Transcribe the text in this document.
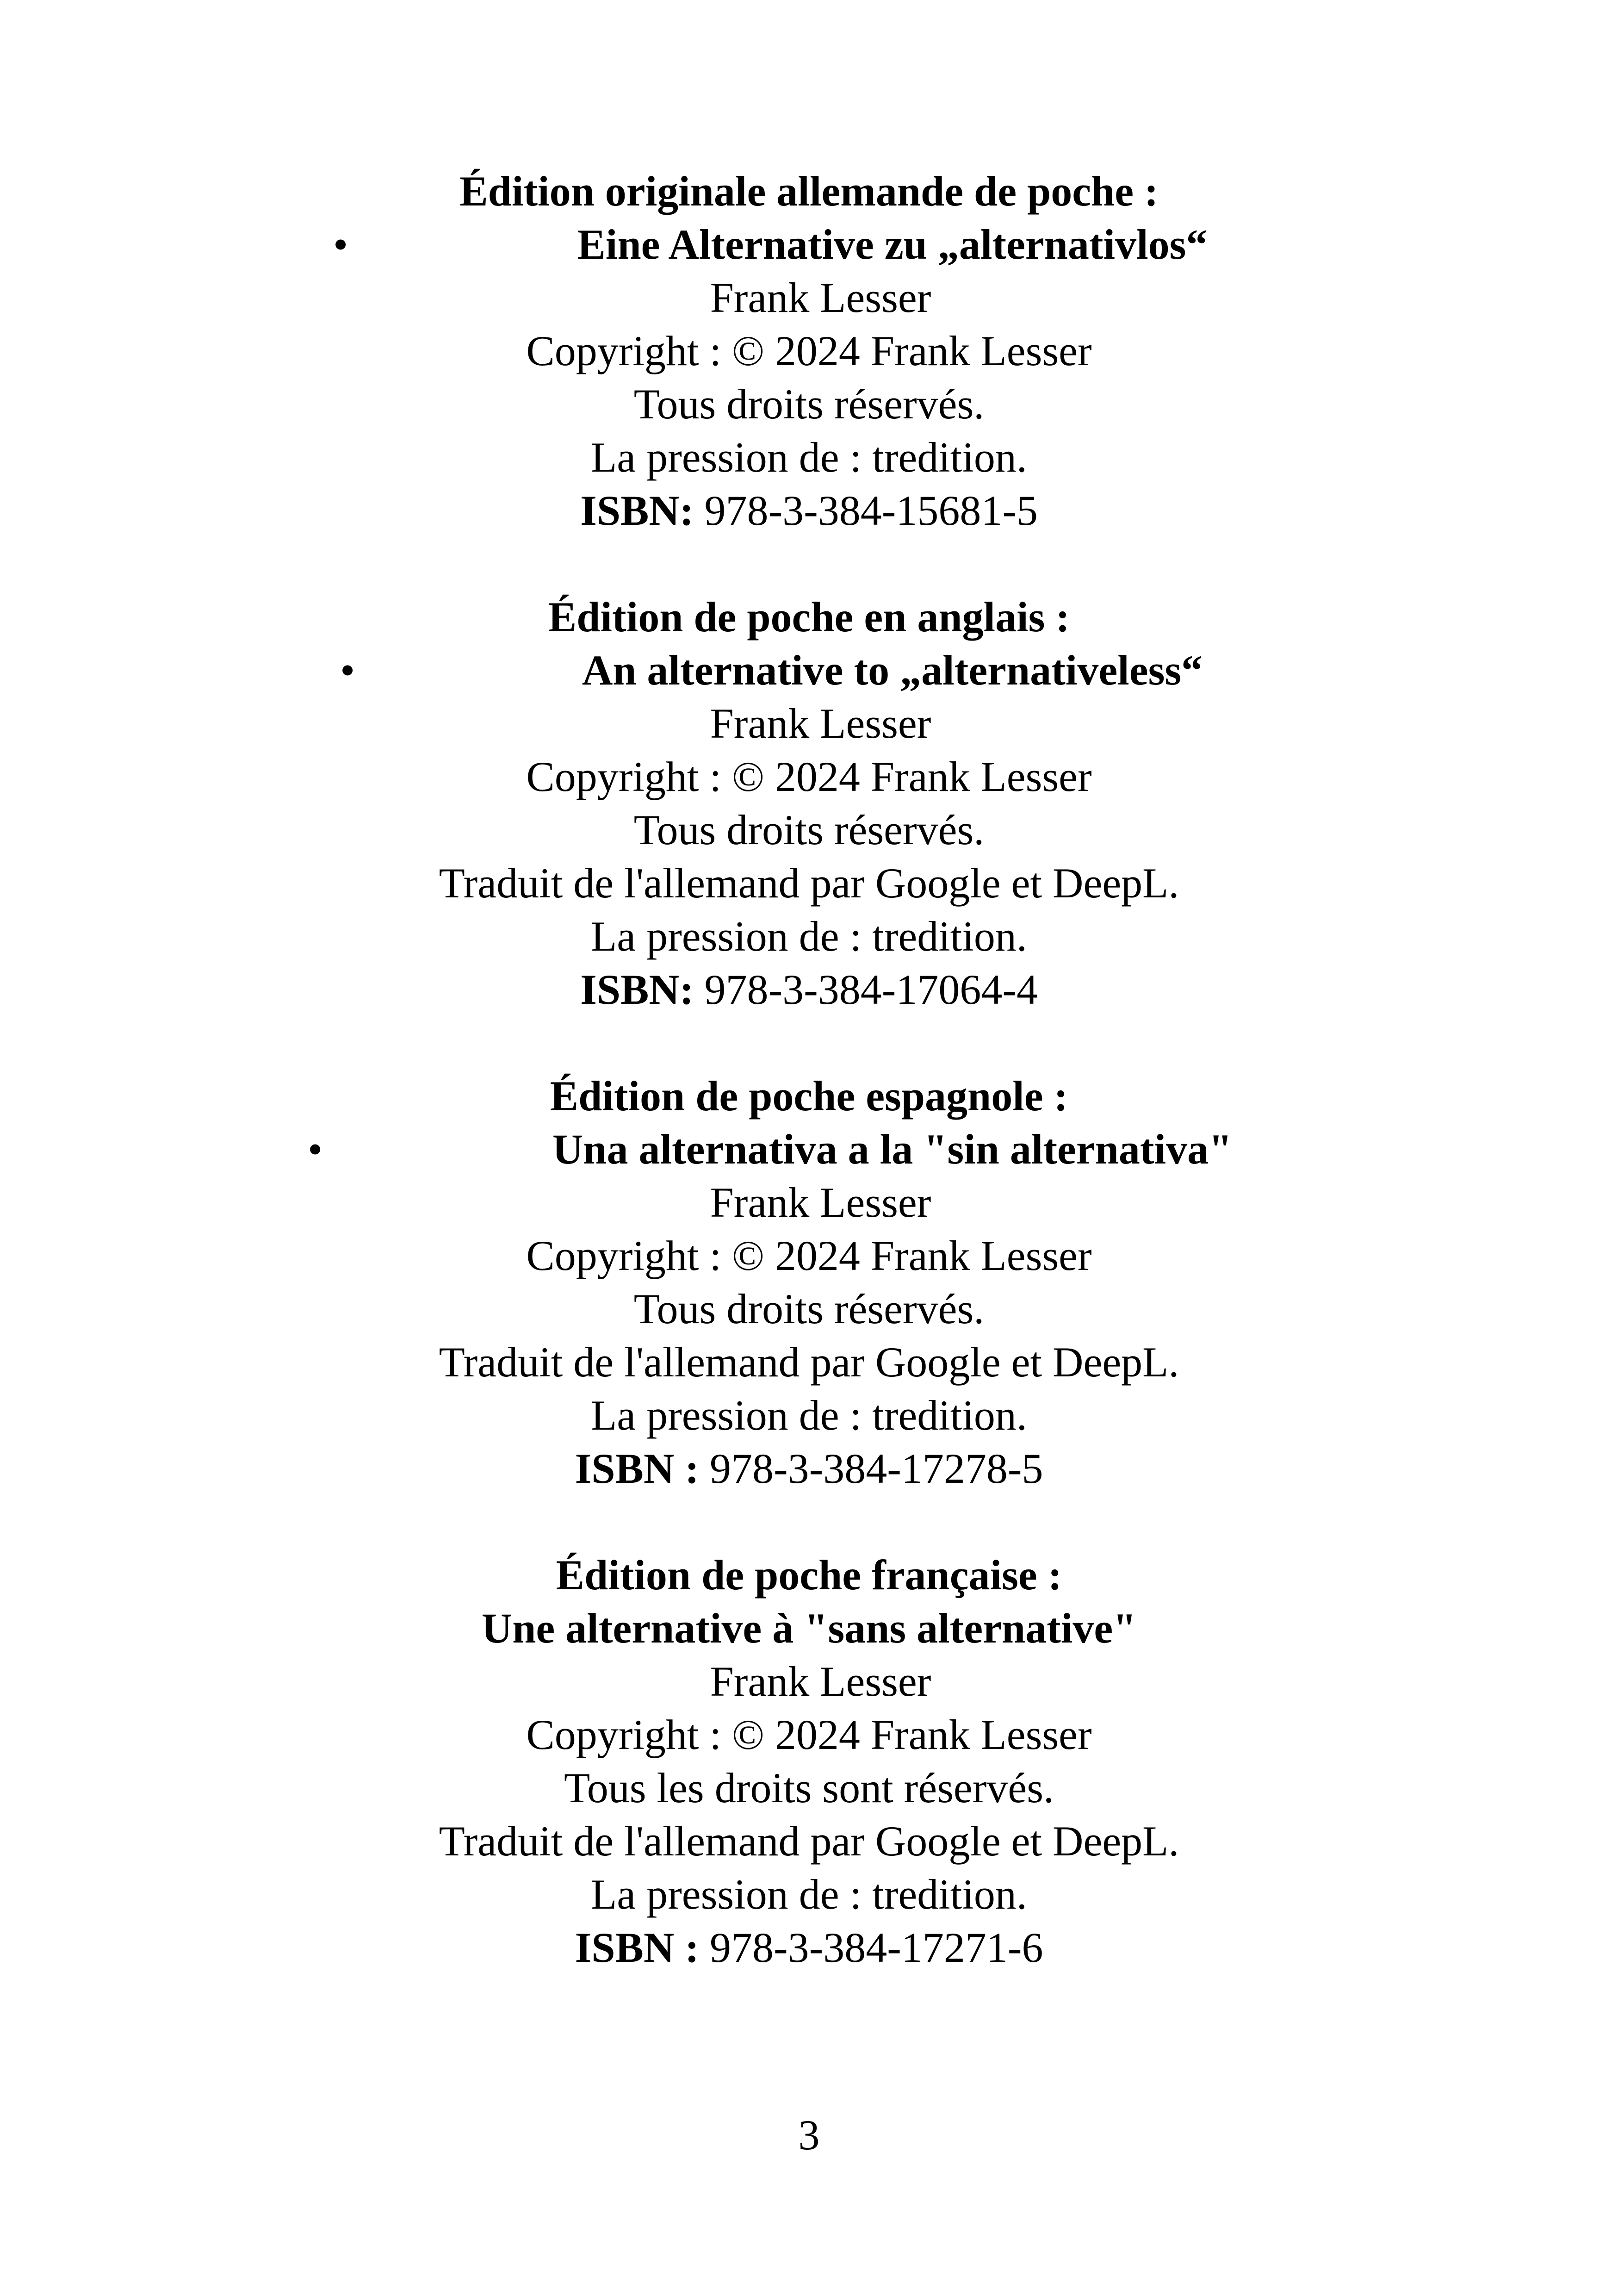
Édition originale allemande de poche :
•	Eine Alternative zu „alternativlos“
Frank Lesser
Copyright : © 2024 Frank Lesser
Tous droits réservés.
La pression de : tredition.
ISBN: 978-3-384-15681-5
Édition de poche en anglais :
•	An alternative to „alternativeless“
Frank Lesser
Copyright : © 2024 Frank Lesser
Tous droits réservés.
Traduit de l'allemand par Google et DeepL.
La pression de : tredition.
ISBN: 978-3-384-17064-4
Édition de poche espagnole :
•	Una alternativa a la "sin alternativa"
Frank Lesser
Copyright : © 2024 Frank Lesser
Tous droits réservés.
Traduit de l'allemand par Google et DeepL.
La pression de : tredition.
ISBN : 978-3-384-17278-5
Édition de poche française :
Une alternative à "sans alternative"
Frank Lesser
Copyright : © 2024 Frank Lesser
Tous les droits sont réservés.
Traduit de l'allemand par Google et DeepL.
La pression de : tredition.
ISBN : 978-3-384-17271-6
3
